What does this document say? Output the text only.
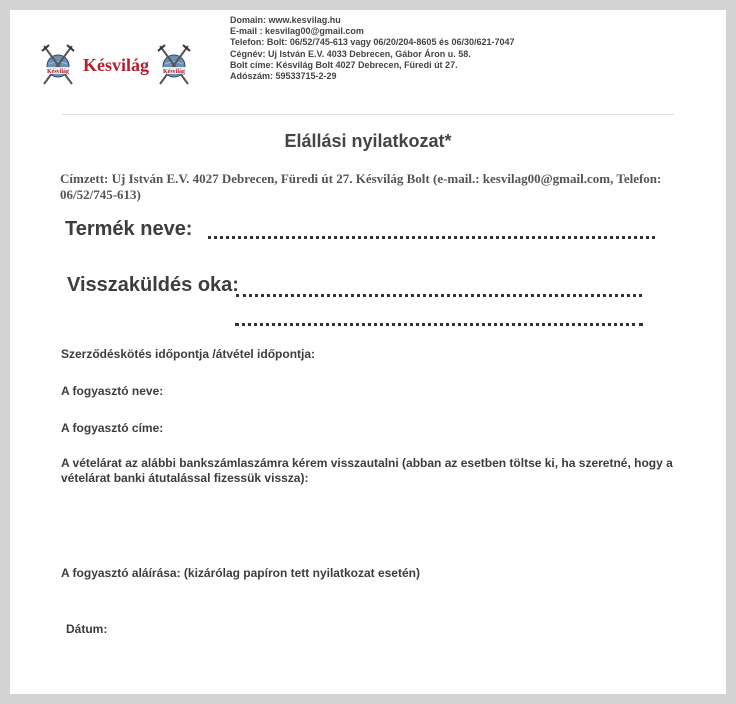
Késvilág Késvilág Késvilág
Domain: www.kesvilag.hu
E-mail : kesvilag00@gmail.com
Telefon: Bolt: 06/52/745-613 vagy 06/20/204-8605 és 06/30/621-7047
Cégnév: Uj István E.V. 4033 Debrecen, Gábor Áron u. 58.
Bolt címe: Késvilág Bolt 4027 Debrecen, Füredi út 27.
Adószám: 59533715-2-29
Elállási nyilatkozat*
Címzett: Uj István E.V. 4027 Debrecen, Füredi út 27. Késvilág Bolt (e-mail.: kesvilag00@gmail.com, Telefon: 06/52/745-613)
Termék neve:
Visszaküldés oka:
Szerződéskötés időpontja /átvétel időpontja:
A fogyasztó neve:
A fogyasztó címe:
A vételárat az alábbi bankszámlaszámra kérem visszautalni (abban az esetben töltse ki, ha szeretné, hogy a vételárat banki átutalással fizessük vissza):
A fogyasztó aláírása: (kizárólag papíron tett nyilatkozat esetén)
Dátum:
